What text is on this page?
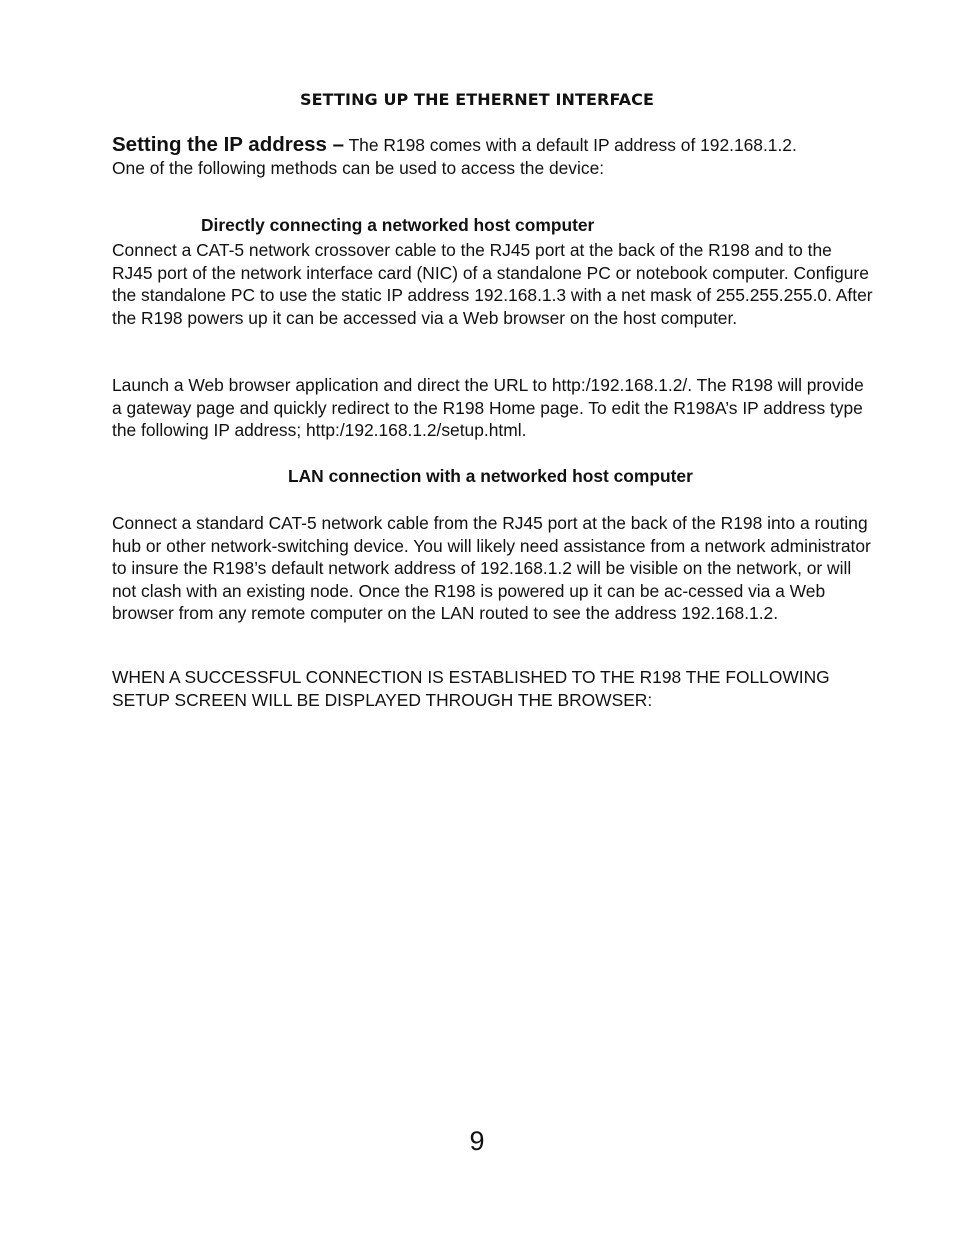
SETTING UP THE ETHERNET INTERFACE

Setting the IP address – The R198 comes with a default IP address of 192.168.1.2.
One of the following methods can be used to access the device:

Directly connecting a networked host computer

Connect a CAT-5 network crossover cable to the RJ45 port at the back of the R198 and to the RJ45 port of the network interface card (NIC) of a standalone PC or notebook computer. Configure the standalone PC to use the static IP address 192.168.1.3 with a net mask of 255.255.255.0. After the R198 powers up it can be accessed via a Web browser on the host computer.

Launch a Web browser application and direct the URL to http:/192.168.1.2/. The R198 will provide a gateway page and quickly redirect to the R198 Home page. To edit the R198A’s IP address type the following IP address; http:/192.168.1.2/setup.html.

LAN connection with a networked host computer

Connect a standard CAT-5 network cable from the RJ45 port at the back of the R198 into a routing hub or other network-switching device. You will likely need assistance from a network administrator to insure the R198’s default network address of 192.168.1.2 will be visible on the network, or will not clash with an existing node. Once the R198 is powered up it can be ac-cessed via a Web browser from any remote computer on the LAN routed to see the address 192.168.1.2.

WHEN A SUCCESSFUL CONNECTION IS ESTABLISHED TO THE R198 THE FOLLOWING SETUP SCREEN WILL BE DISPLAYED THROUGH THE BROWSER:

9
